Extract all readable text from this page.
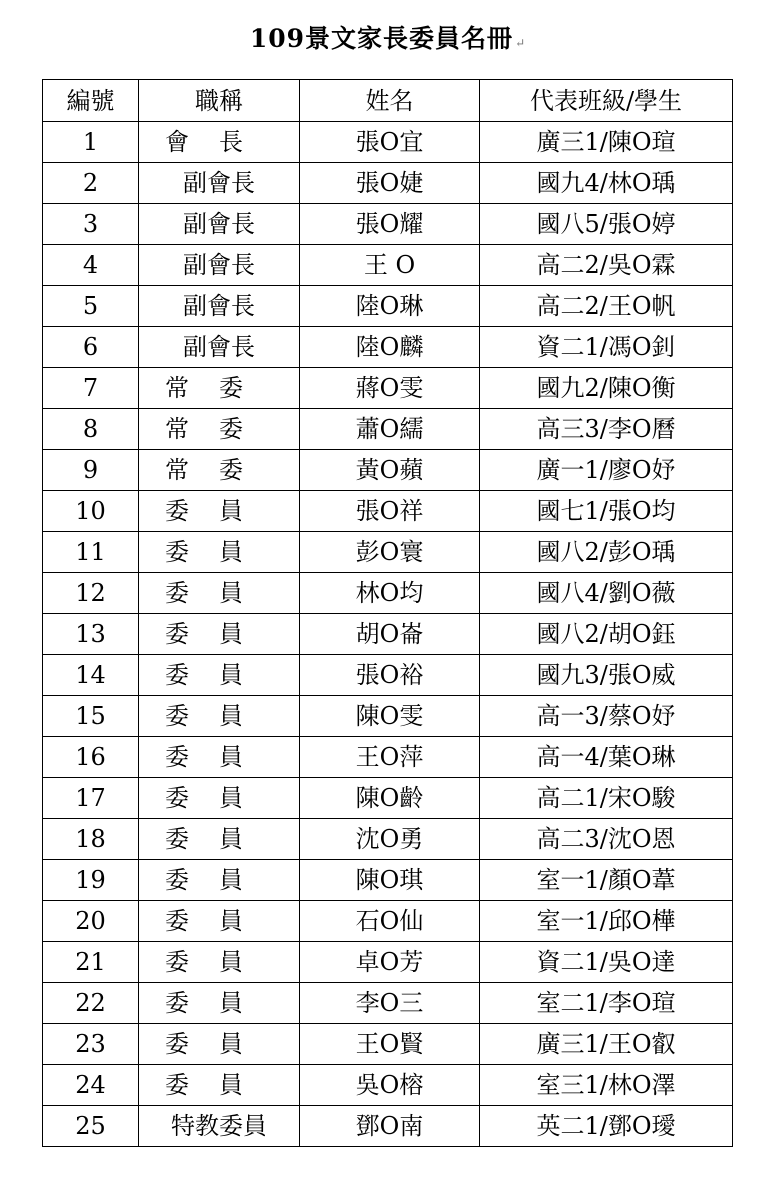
109景文家長委員名冊 ↵
編號	職稱	姓名	代表班級/學生
1	會長	張O宜	廣三1/陳O瑄
2	副會長	張O婕	國九4/林O瑀
3	副會長	張O耀	國八5/張O婷
4	副會長	王 O	高二2/吳O霖
5	副會長	陸O琳	高二2/王O帆
6	副會長	陸O麟	資二1/馮O釗
7	常委	蔣O雯	國九2/陳O衡
8	常委	蕭O繻	高三3/李O曆
9	常委	黃O蘋	廣一1/廖O妤
10	委員	張O祥	國七1/張O均
11	委員	彭O寰	國八2/彭O瑀
12	委員	林O均	國八4/劉O薇
13	委員	胡O崙	國八2/胡O鈺
14	委員	張O裕	國九3/張O威
15	委員	陳O雯	高一3/蔡O妤
16	委員	王O萍	高一4/葉O琳
17	委員	陳O齡	高二1/宋O駿
18	委員	沈O勇	高二3/沈O恩
19	委員	陳O琪	室一1/顏O葦
20	委員	石O仙	室一1/邱O樺
21	委員	卓O芳	資二1/吳O達
22	委員	李O三	室二1/李O瑄
23	委員	王O賢	廣三1/王O叡
24	委員	吳O榕	室三1/林O澤
25	特教委員	鄧O南	英二1/鄧O璦
